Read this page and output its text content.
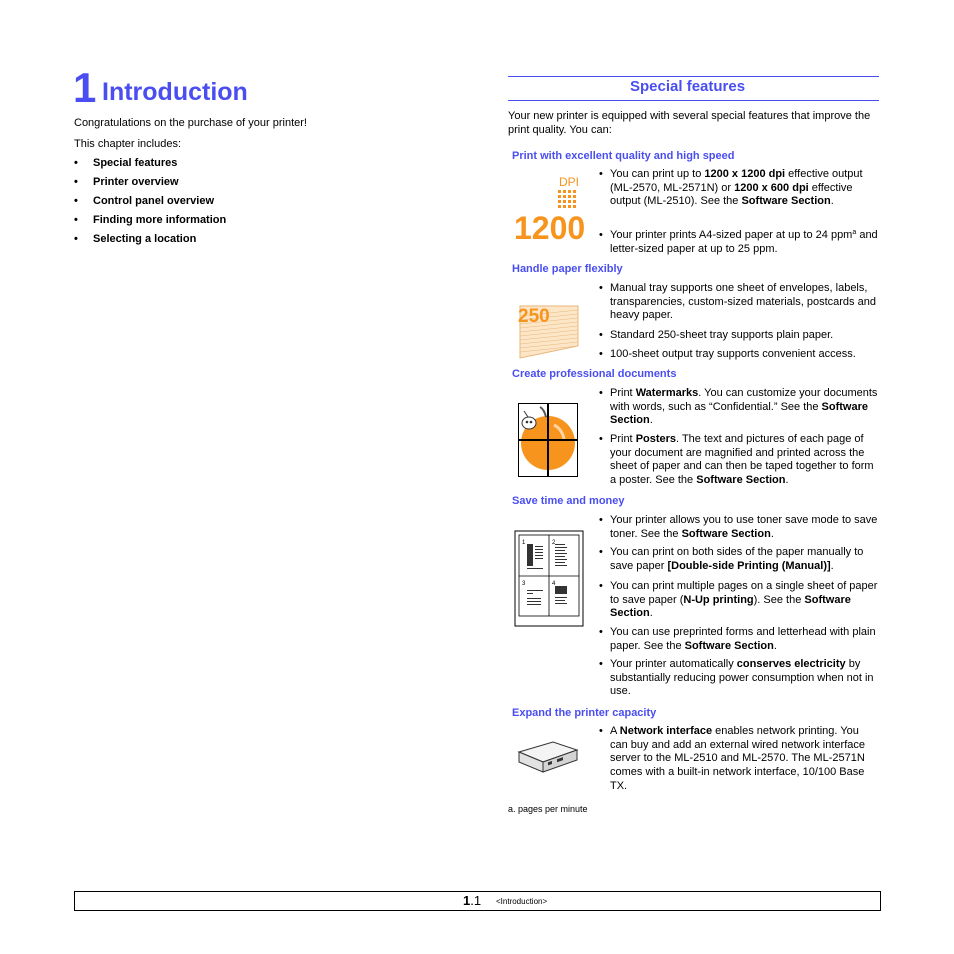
1 Introduction
Congratulations on the purchase of your printer!
This chapter includes:
• Special features
• Printer overview
• Control panel overview
• Finding more information
• Selecting a location
Special features
Your new printer is equipped with several special features that improve the print quality. You can:
Print with excellent quality and high speed
DPI
1200
• You can print up to 1200 x 1200 dpi effective output (ML-2570, ML-2571N) or 1200 x 600 dpi effective output (ML-2510). See the Software Section.
• Your printer prints A4-sized paper at up to 24 ppm$^a$ and letter-sized paper at up to 25 ppm.
Handle paper flexibly
250
• Manual tray supports one sheet of envelopes, labels, transparencies, custom-sized materials, postcards and heavy paper.
• Standard 250-sheet tray supports plain paper.
• 100-sheet output tray supports convenient access.
Create professional documents
• Print Watermarks. You can customize your documents with words, such as “Confidential.” See the Software Section.
• Print Posters. The text and pictures of each page of your document are magnified and printed across the sheet of paper and can then be taped together to form a poster. See the Software Section.
Save time and money
1	2
3	4
• Your printer allows you to use toner save mode to save toner. See the Software Section.
• You can print on both sides of the paper manually to save paper [Double-side Printing (Manual)].
• You can print multiple pages on a single sheet of paper to save paper (N-Up printing). See the Software Section.
• You can use preprinted forms and letterhead with plain paper. See the Software Section.
• Your printer automatically conserves electricity by substantially reducing power consumption when not in use.
Expand the printer capacity
• A Network interface enables network printing. You can buy and add an external wired network interface server to the ML-2510 and ML-2570. The ML-2571N comes with a built-in network interface, 10/100 Base TX.
a. pages per minute
1.1 <Introduction>
